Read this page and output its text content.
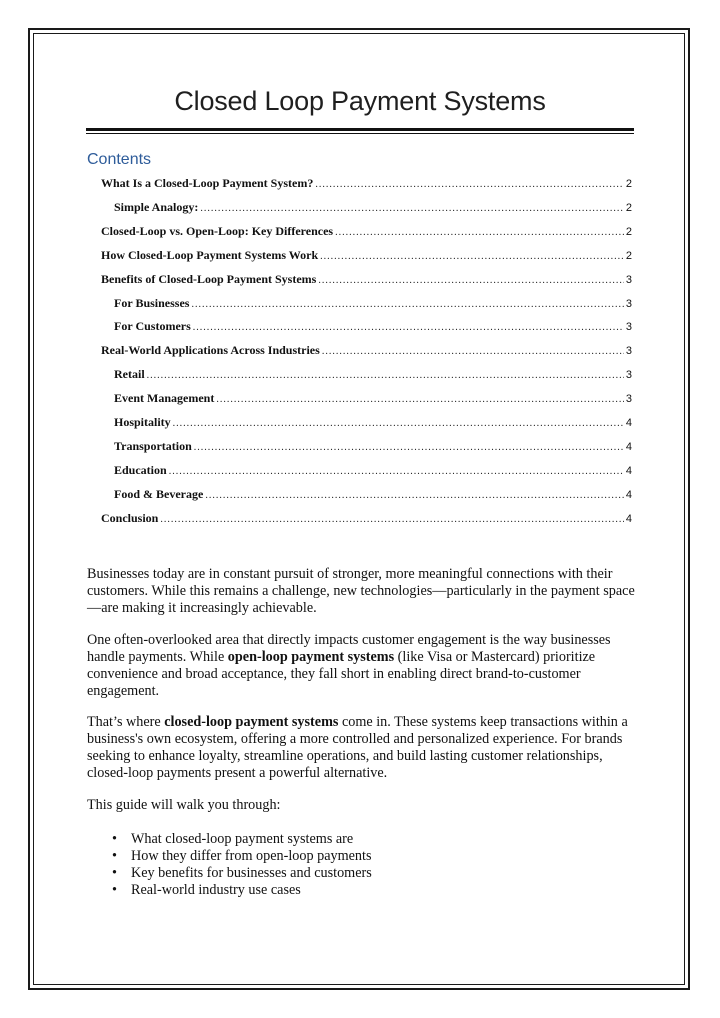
Closed Loop Payment Systems
Contents
What Is a Closed-Loop Payment System? .....	2
Simple Analogy: .....	2
Closed-Loop vs. Open-Loop: Key Differences .....	2
How Closed-Loop Payment Systems Work .....	2
Benefits of Closed-Loop Payment Systems .....	3
For Businesses .....	3
For Customers .....	3
Real-World Applications Across Industries .....	3
Retail .....	3
Event Management .....	3
Hospitality .....	4
Transportation .....	4
Education .....	4
Food & Beverage .....	4
Conclusion .....	4

Businesses today are in constant pursuit of stronger, more meaningful connections with their customers. While this remains a challenge, new technologies—particularly in the payment space—are making it increasingly achievable.

One often-overlooked area that directly impacts customer engagement is the way businesses handle payments. While open-loop payment systems (like Visa or Mastercard) prioritize convenience and broad acceptance, they fall short in enabling direct brand-to-customer engagement.

That’s where closed-loop payment systems come in. These systems keep transactions within a business's own ecosystem, offering a more controlled and personalized experience. For brands seeking to enhance loyalty, streamline operations, and build lasting customer relationships, closed-loop payments present a powerful alternative.

This guide will walk you through:

• What closed-loop payment systems are
• How they differ from open-loop payments
• Key benefits for businesses and customers
• Real-world industry use cases
